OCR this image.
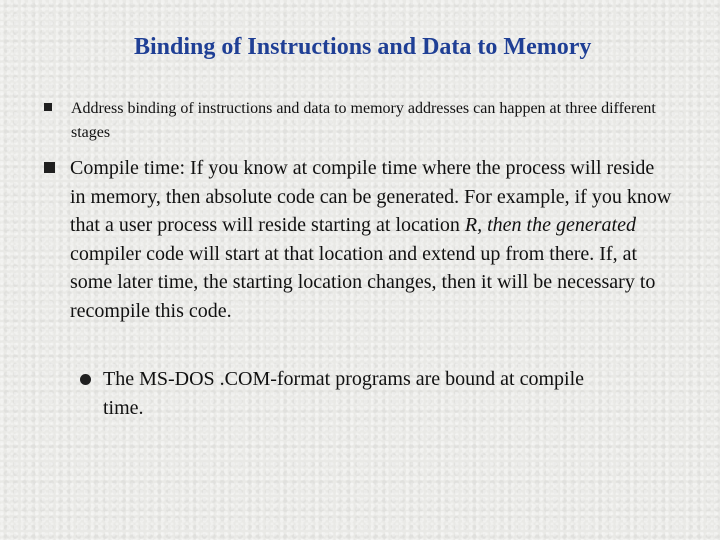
Binding of Instructions and Data to Memory
Address binding of instructions and data to memory addresses can happen at three different stages
Compile time: If you know at compile time where the process will reside in memory, then absolute code can be generated. For example, if you know that a user process will reside starting at location R, then the generated compiler code will start at that location and extend up from there. If, at some later time, the starting location changes, then it will be necessary to recompile this code.
The MS-DOS .COM-format programs are bound at compile time.
